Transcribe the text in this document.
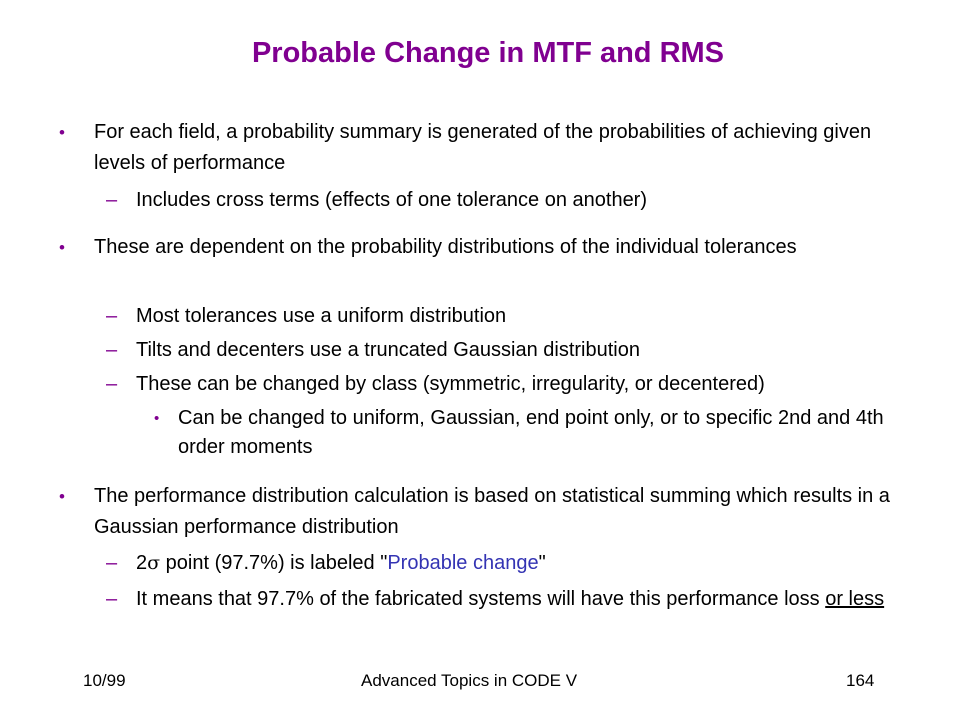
Probable Change in MTF and RMS
• For each field, a probability summary is generated of the probabilities of achieving given levels of performance
– Includes cross terms (effects of one tolerance on another)
• These are dependent on the probability distributions of the individual tolerances
– Most tolerances use a uniform distribution
– Tilts and decenters use a truncated Gaussian distribution
– These can be changed by class (symmetric, irregularity, or decentered)
• Can be changed to uniform, Gaussian, end point only, or to specific 2nd and 4th order moments
• The performance distribution calculation is based on statistical summing which results in a Gaussian performance distribution
– 2σ point (97.7%) is labeled "Probable change"
– It means that 97.7% of the fabricated systems will have this performance loss or less
10/99	Advanced Topics in CODE V	164
